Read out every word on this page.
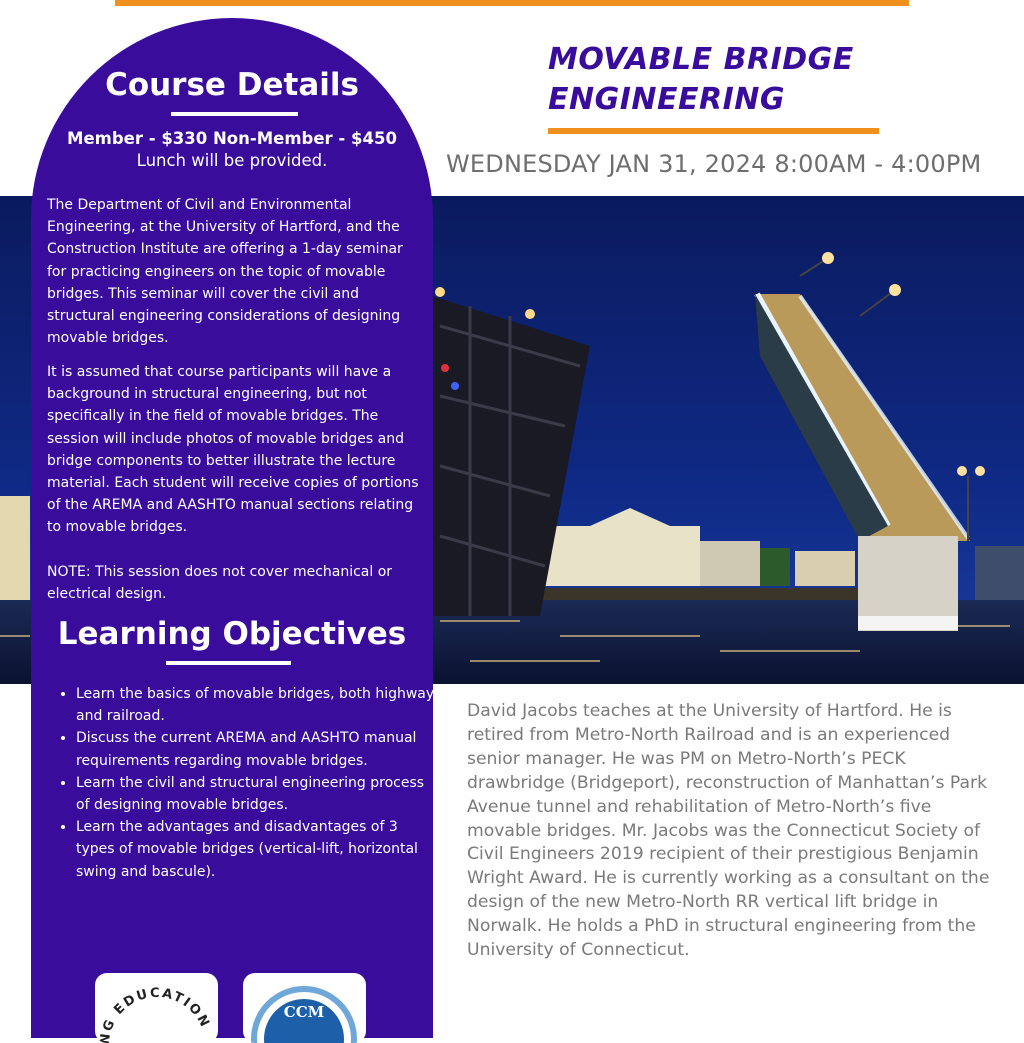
MOVABLE BRIDGE
ENGINEERING
WEDNESDAY JAN 31, 2024 8:00AM - 4:00PM
Course Details
Member - $330 Non-Member - $450
Lunch will be provided.

The Department of Civil and Environmental Engineering, at the University of Hartford, and the Construction Institute are offering a 1-day seminar for practicing engineers on the topic of movable bridges. This seminar will cover the civil and structural engineering considerations of designing movable bridges.

It is assumed that course participants will have a background in structural engineering, but not specifically in the field of movable bridges. The session will include photos of movable bridges and bridge components to better illustrate the lecture material. Each student will receive copies of portions of the AREMA and AASHTO manual sections relating to movable bridges.

NOTE: This session does not cover mechanical or electrical design.

Learning Objectives
• Learn the basics of movable bridges, both highway and railroad.
• Discuss the current AREMA and AASHTO manual requirements regarding movable bridges.
• Learn the civil and structural engineering process of designing movable bridges.
• Learn the advantages and disadvantages of 3 types of movable bridges (vertical-lift, horizontal swing and bascule).
NG EDUCATION
CCM

David Jacobs teaches at the University of Hartford. He is retired from Metro-North Railroad and is an experienced senior manager. He was PM on Metro-North’s PECK drawbridge (Bridgeport), reconstruction of Manhattan’s Park Avenue tunnel and rehabilitation of Metro-North’s five movable bridges. Mr. Jacobs was the Connecticut Society of Civil Engineers 2019 recipient of their prestigious Benjamin Wright Award. He is currently working as a consultant on the design of the new Metro-North RR vertical lift bridge in Norwalk. He holds a PhD in structural engineering from the University of Connecticut.
